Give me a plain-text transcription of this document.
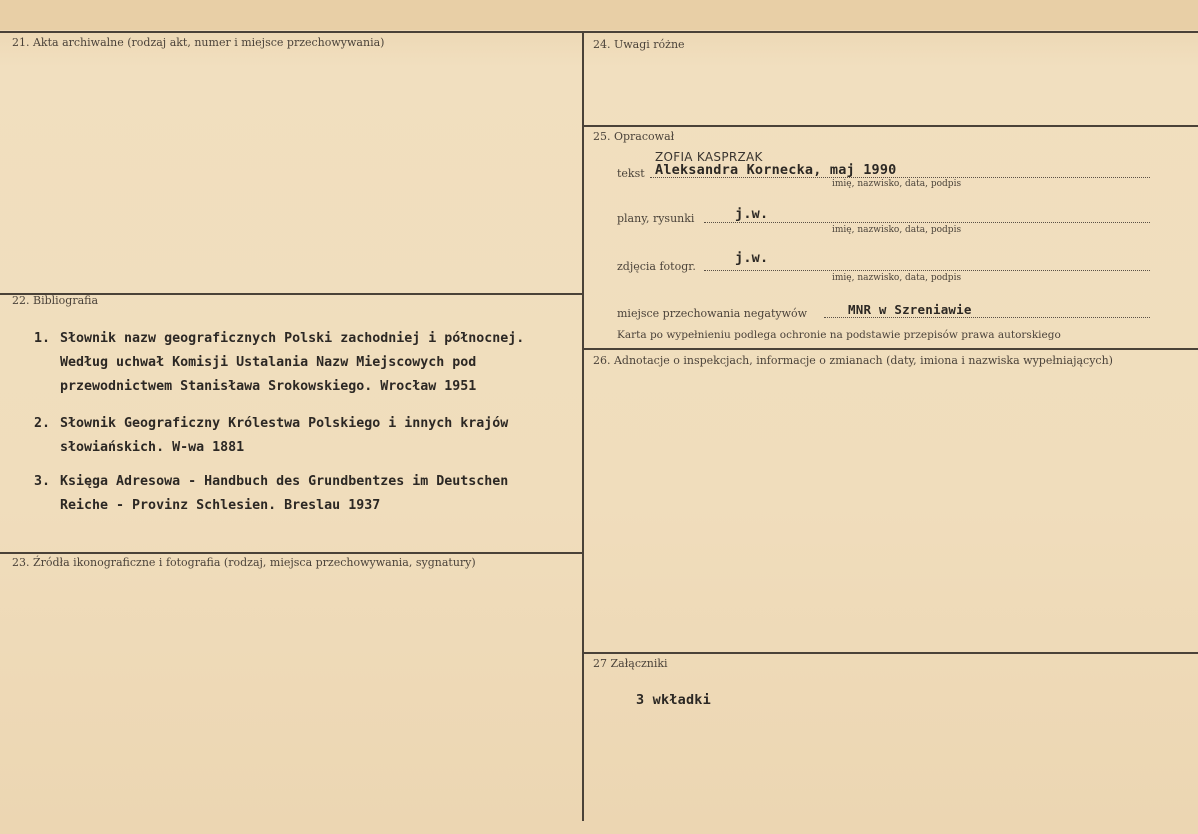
21. Akta archiwalne (rodzaj akt, numer i miejsce przechowywania)
22. Bibliografia
23. Źródła ikonograficzne i fotografia (rodzaj, miejsca przechowywania, sygnatury)
24. Uwagi różne
25. Opracował
26. Adnotacje o inspekcjach, informacje o zmianach (daty, imiona i nazwiska wypełniających)
27 Załączniki
1. Słownik nazw geograficznych Polski zachodniej i północnej.
Według uchwał Komisji Ustalania Nazw Miejscowych pod
przewodnictwem Stanisława Srokowskiego. Wrocław 1951
2. Słownik Geograficzny Królestwa Polskiego i innych krajów
słowiańskich. W-wa 1881
3. Księga Adresowa - Handbuch des Grundbentzes im Deutschen
Reiche - Provinz Schlesien. Breslau 1937
ZOFIA KASPRZAK
tekst Aleksandra Kornecka, maj 1990
imię, nazwisko, data, podpis
plany, rysunki	j.w.
imię, nazwisko, data, podpis
zdjęcia fotogr.
j.w.
imię, nazwisko, data, podpis
miejsce przechowania negatywów	MNR w Szreniawie
Karta po wypełnieniu podlega ochronie na podstawie przepisów prawa autorskiego
3 wkładki
